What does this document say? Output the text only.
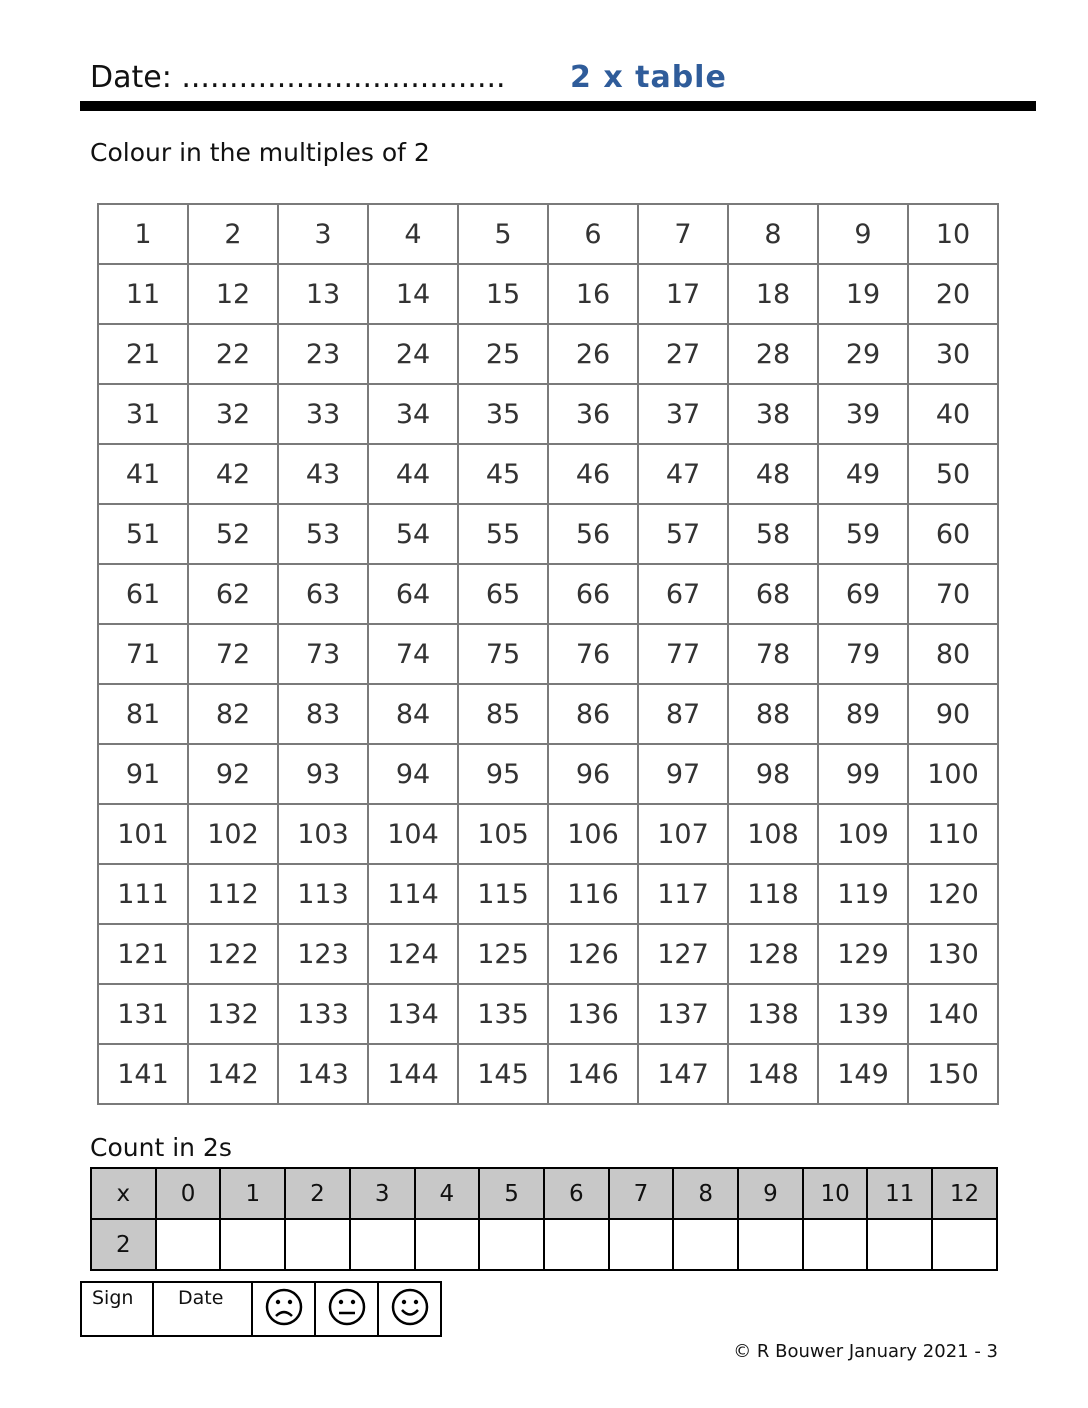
Date: .................................. 2 x table
Colour in the multiples of 2
1	2	3	4	5	6	7	8	9	10
11	12	13	14	15	16	17	18	19	20
21	22	23	24	25	26	27	28	29	30
31	32	33	34	35	36	37	38	39	40
41	42	43	44	45	46	47	48	49	50
51	52	53	54	55	56	57	58	59	60
61	62	63	64	65	66	67	68	69	70
71	72	73	74	75	76	77	78	79	80
81	82	83	84	85	86	87	88	89	90
91	92	93	94	95	96	97	98	99	100
101	102	103	104	105	106	107	108	109	110
111	112	113	114	115	116	117	118	119	120
121	122	123	124	125	126	127	128	129	130
131	132	133	134	135	136	137	138	139	140
141	142	143	144	145	146	147	148	149	150
Count in 2s
x	0	1	2	3	4	5	6	7	8	9	10	11	12
2													
Sign	Date			
© R Bouwer January 2021 - 3
